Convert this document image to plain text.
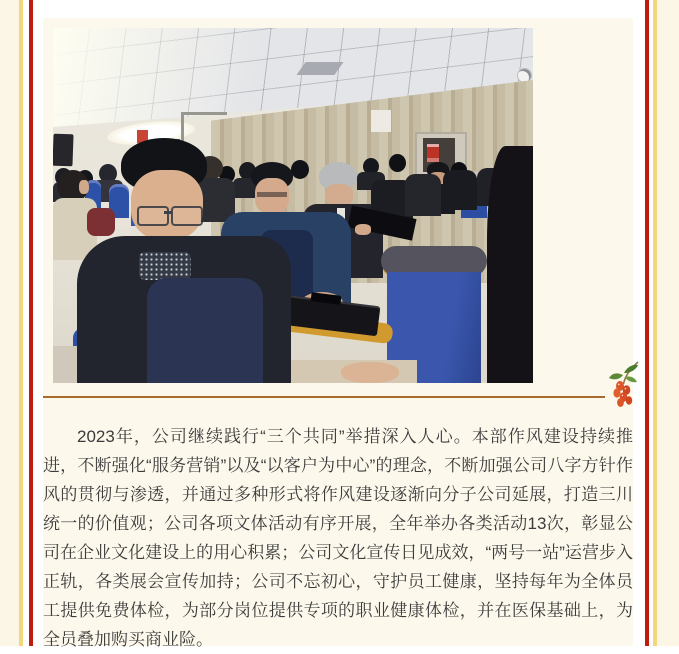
2023年，公司继续践行“三个共同”举措深入人心。本部作风建设持续推进，不断强化“服务营销”以及“以客户为中心”的理念，不断加强公司八字方针作风的贯彻与渗透，并通过多种形式将作风建设逐渐向分子公司延展，打造三川统一的价值观；公司各项文体活动有序开展，全年举办各类活动13次，彰显公司在企业文化建设上的用心积累；公司文化宣传日见成效，“两号一站”运营步入正轨，各类展会宣传加持；公司不忘初心，守护员工健康，坚持每年为全体员工提供免费体检，为部分岗位提供专项的职业健康体检，并在医保基础上，为全员叠加购买商业险。
